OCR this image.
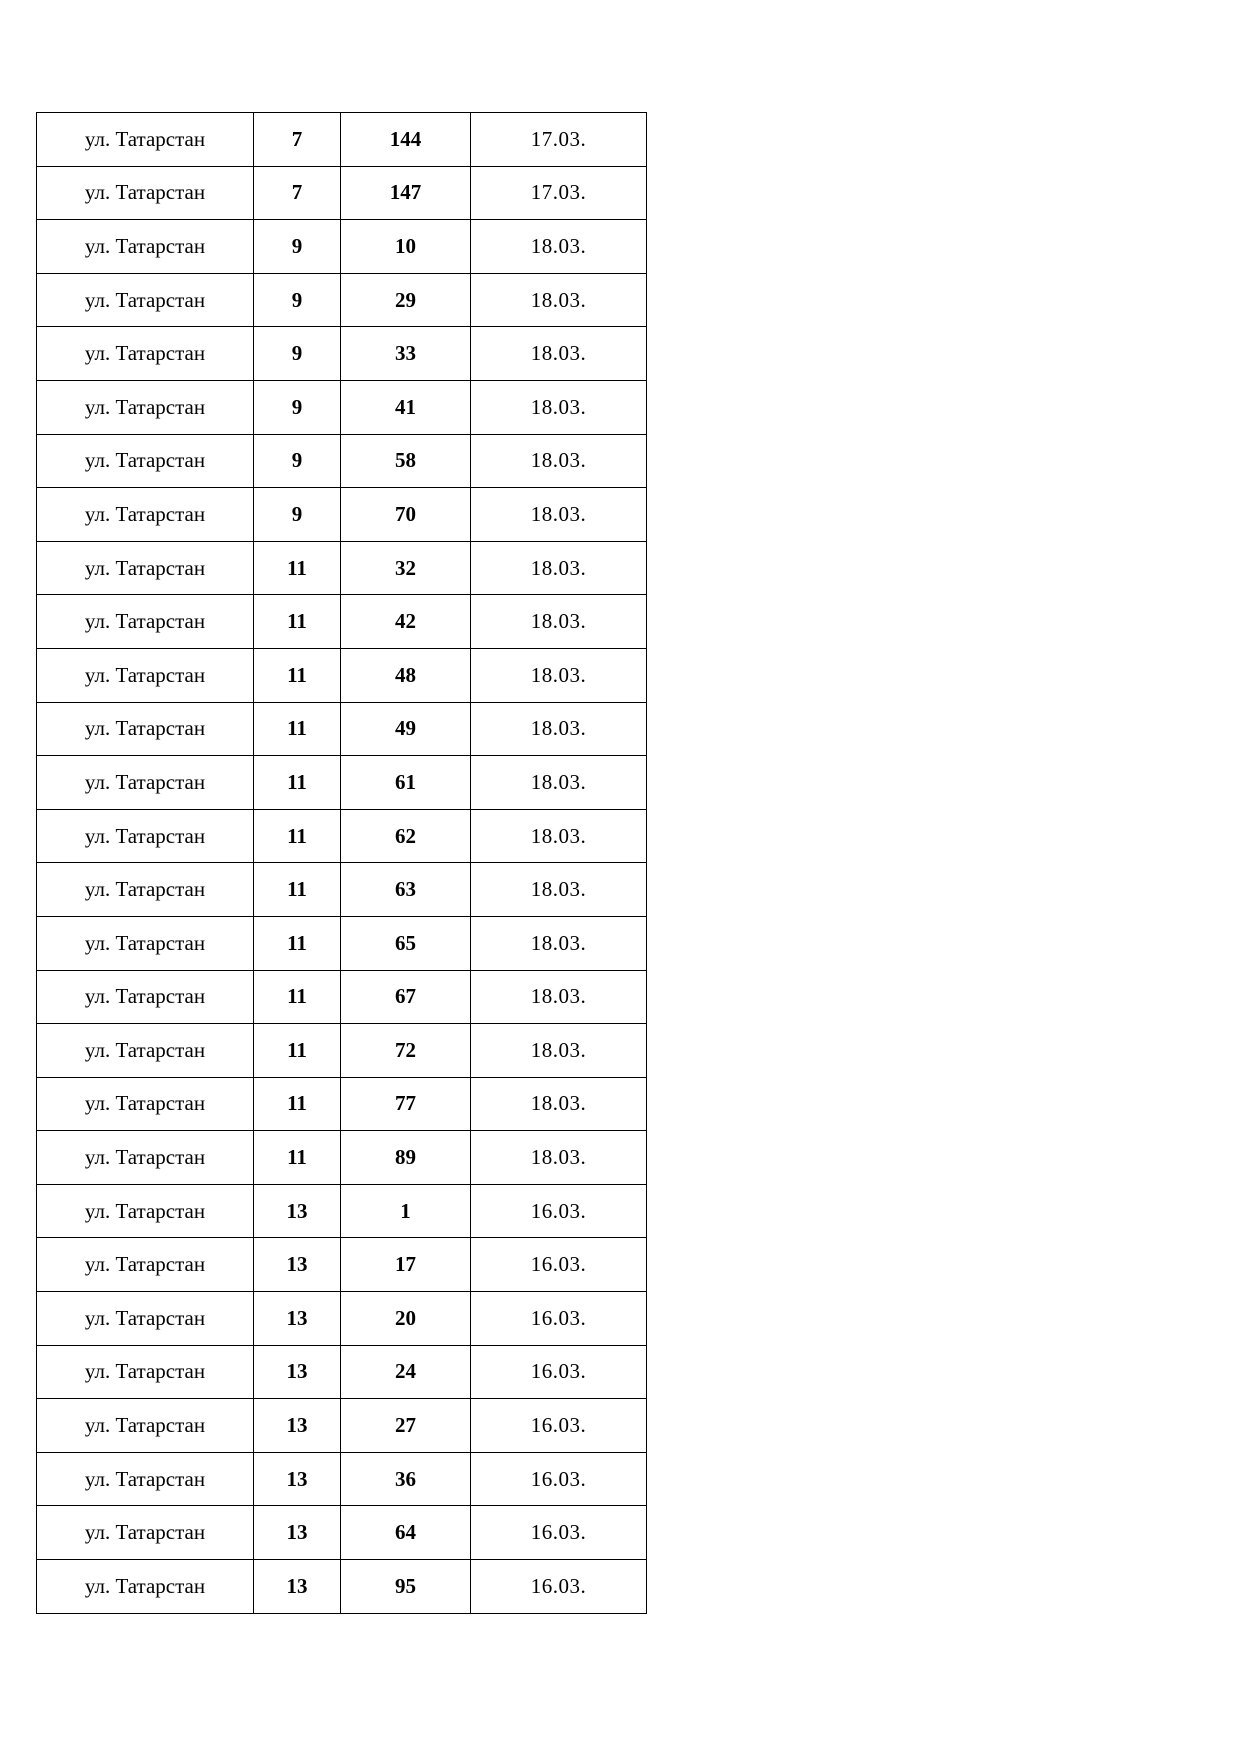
ул. Татарстан	7	144	17.03.
ул. Татарстан	7	147	17.03.
ул. Татарстан	9	10	18.03.
ул. Татарстан	9	29	18.03.
ул. Татарстан	9	33	18.03.
ул. Татарстан	9	41	18.03.
ул. Татарстан	9	58	18.03.
ул. Татарстан	9	70	18.03.
ул. Татарстан	11	32	18.03.
ул. Татарстан	11	42	18.03.
ул. Татарстан	11	48	18.03.
ул. Татарстан	11	49	18.03.
ул. Татарстан	11	61	18.03.
ул. Татарстан	11	62	18.03.
ул. Татарстан	11	63	18.03.
ул. Татарстан	11	65	18.03.
ул. Татарстан	11	67	18.03.
ул. Татарстан	11	72	18.03.
ул. Татарстан	11	77	18.03.
ул. Татарстан	11	89	18.03.
ул. Татарстан	13	1	16.03.
ул. Татарстан	13	17	16.03.
ул. Татарстан	13	20	16.03.
ул. Татарстан	13	24	16.03.
ул. Татарстан	13	27	16.03.
ул. Татарстан	13	36	16.03.
ул. Татарстан	13	64	16.03.
ул. Татарстан	13	95	16.03.
